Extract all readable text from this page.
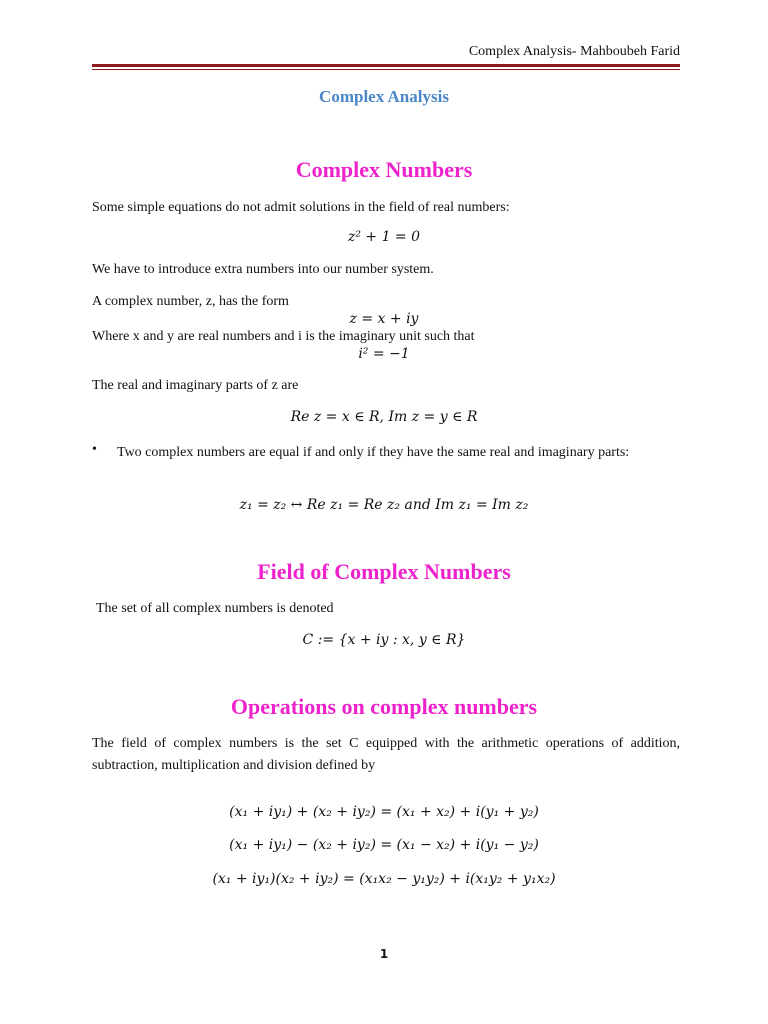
Complex Analysis- Mahboubeh Farid
Complex Analysis
Complex Numbers
Some simple equations do not admit solutions in the field of real numbers:
z² + 1 = 0
We have to introduce extra numbers into our number system.
A complex number, z, has the form
z = x + iy
Where x and y are real numbers and i is the imaginary unit such that
i² = −1
The real and imaginary parts of z are
Re z = x ∈ R, Im z = y ∈ R
• Two complex numbers are equal if and only if they have the same real and imaginary parts:
z₁ = z₂ ↔ Re z₁ = Re z₂ and Im z₁ = Im z₂
Field of Complex Numbers
The set of all complex numbers is denoted
C := {x + iy : x, y ∈ R}
Operations on complex numbers
The field of complex numbers is the set C equipped with the arithmetic operations of addition, subtraction, multiplication and division defined by
(x₁ + iy₁) + (x₂ + iy₂) = (x₁ + x₂) + i(y₁ + y₂)
(x₁ + iy₁) − (x₂ + iy₂) = (x₁ − x₂) + i(y₁ − y₂)
(x₁ + iy₁)(x₂ + iy₂) = (x₁x₂ − y₁y₂) + i(x₁y₂ + y₁x₂)
1
